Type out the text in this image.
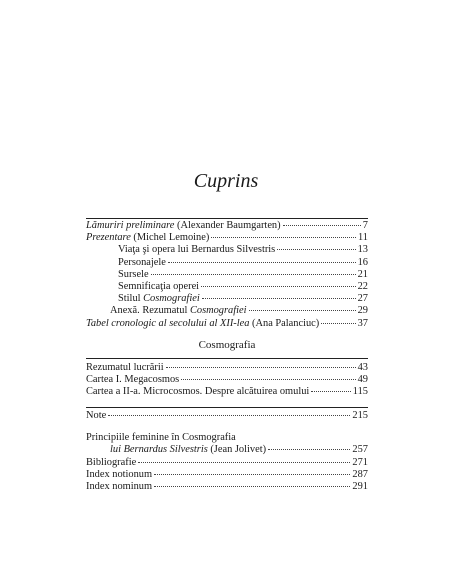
Cuprins
Lămuriri preliminare (Alexander Baumgarten)	7
Prezentare (Michel Lemoine)	11
Viaţa şi opera lui Bernardus Silvestris	13
Personajele	16
Sursele	21
Semnificaţia operei	22
Stilul Cosmografiei	27
Anexă. Rezumatul Cosmografiei	29
Tabel cronologic al secolului al XII-lea (Ana Palanciuc)	37
Cosmografia
Rezumatul lucrării	43
Cartea I. Megacosmos	49
Cartea a II-a. Microcosmos. Despre alcătuirea omului	115
Note	215
Principiile feminine în Cosmografia
lui Bernardus Silvestris (Jean Jolivet)	257
Bibliografie	271
Index notionum	287
Index nominum	291
